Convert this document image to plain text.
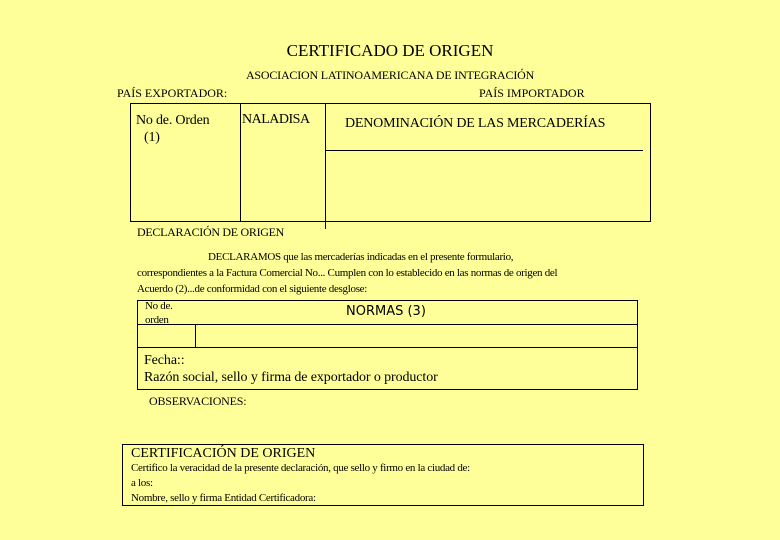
CERTIFICADO DE ORIGEN
ASOCIACION LATINOAMERICANA DE INTEGRACIÓN
PAÍS EXPORTADOR:	PAÍS IMPORTADOR
No de. Orden
(1)
NALADISA	DENOMINACIÓN DE LAS MERCADERÍAS
DECLARACIÓN DE ORIGEN
DECLARAMOS que las mercaderías indicadas en el presente formulario,
correspondientes a la Factura Comercial No... Cumplen con lo establecido en las normas de origen del
Acuerdo (2)...de conformidad con el siguiente desglose:
No de.
orden
NORMAS (3)
Fecha::
Razón social, sello y firma de exportador o productor
OBSERVACIONES:
CERTIFICACIÓN DE ORIGEN
Certifico la veracidad de la presente declaración, que sello y firmo en la ciudad de:
a los:
Nombre, sello y firma Entidad Certificadora:
